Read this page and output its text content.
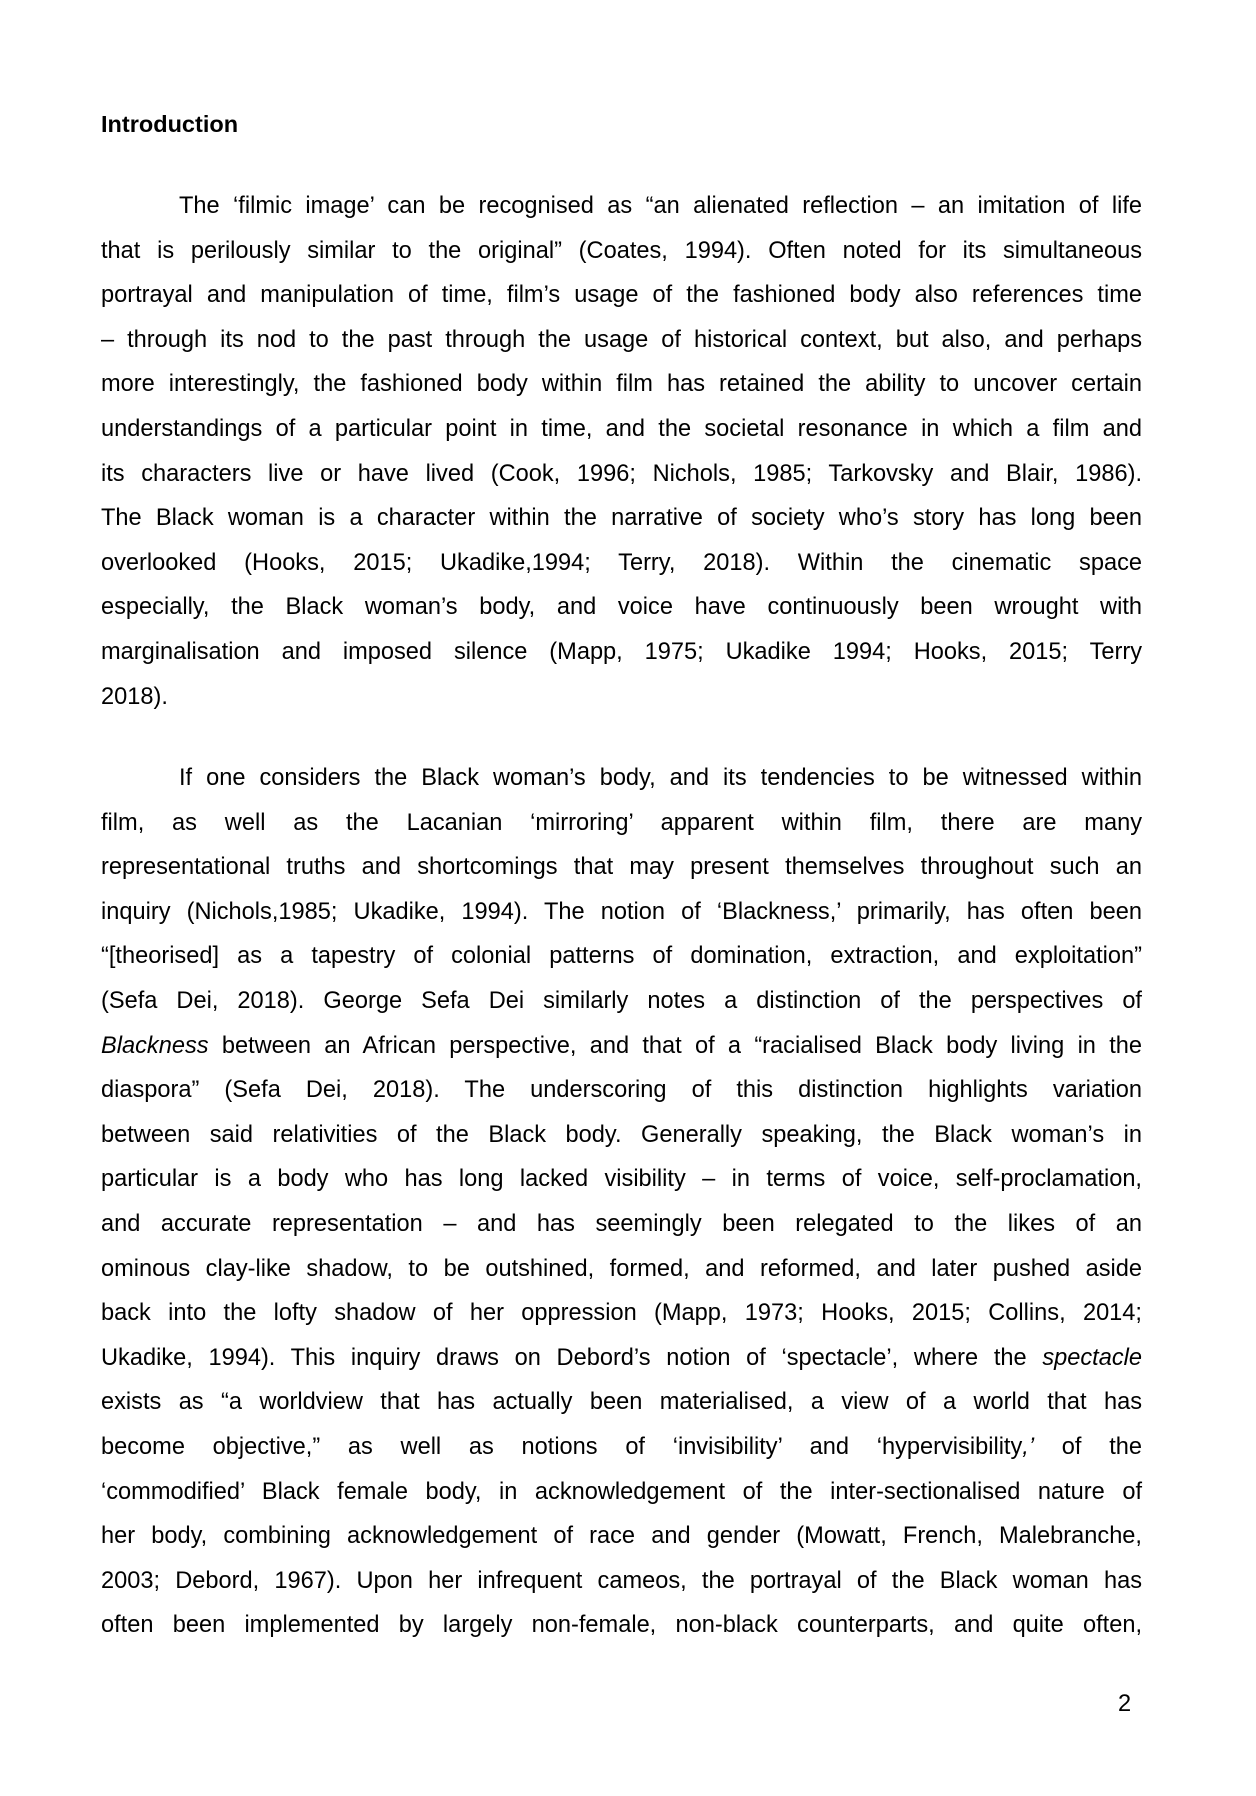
Introduction
The ‘filmic image’ can be recognised as “an alienated reflection – an imitation of life
that is perilously similar to the original” (Coates, 1994). Often noted for its simultaneous
portrayal and manipulation of time, film’s usage of the fashioned body also references time
– through its nod to the past through the usage of historical context, but also, and perhaps
more interestingly, the fashioned body within film has retained the ability to uncover certain
understandings of a particular point in time, and the societal resonance in which a film and
its characters live or have lived (Cook, 1996; Nichols, 1985; Tarkovsky and Blair, 1986).
The Black woman is a character within the narrative of society who’s story has long been
overlooked (Hooks, 2015; Ukadike,1994; Terry, 2018). Within the cinematic space
especially, the Black woman’s body, and voice have continuously been wrought with
marginalisation and imposed silence (Mapp, 1975; Ukadike 1994; Hooks, 2015; Terry
2018).
If one considers the Black woman’s body, and its tendencies to be witnessed within
film, as well as the Lacanian ‘mirroring’ apparent within film, there are many
representational truths and shortcomings that may present themselves throughout such an
inquiry (Nichols,1985; Ukadike, 1994). The notion of ‘Blackness,’ primarily, has often been
“[theorised] as a tapestry of colonial patterns of domination, extraction, and exploitation”
(Sefa Dei, 2018). George Sefa Dei similarly notes a distinction of the perspectives of
Blackness between an African perspective, and that of a “racialised Black body living in the
diaspora” (Sefa Dei, 2018). The underscoring of this distinction highlights variation
between said relativities of the Black body. Generally speaking, the Black woman’s in
particular is a body who has long lacked visibility – in terms of voice, self-proclamation,
and accurate representation – and has seemingly been relegated to the likes of an
ominous clay-like shadow, to be outshined, formed, and reformed, and later pushed aside
back into the lofty shadow of her oppression (Mapp, 1973; Hooks, 2015; Collins, 2014;
Ukadike, 1994). This inquiry draws on Debord’s notion of ‘spectacle’, where the spectacle
exists as “a worldview that has actually been materialised, a view of a world that has
become objective,” as well as notions of ‘invisibility’ and ‘hypervisibility,’ of the
‘commodified’ Black female body, in acknowledgement of the inter-sectionalised nature of
her body, combining acknowledgement of race and gender (Mowatt, French, Malebranche,
2003; Debord, 1967). Upon her infrequent cameos, the portrayal of the Black woman has
often been implemented by largely non-female, non-black counterparts, and quite often,
2
